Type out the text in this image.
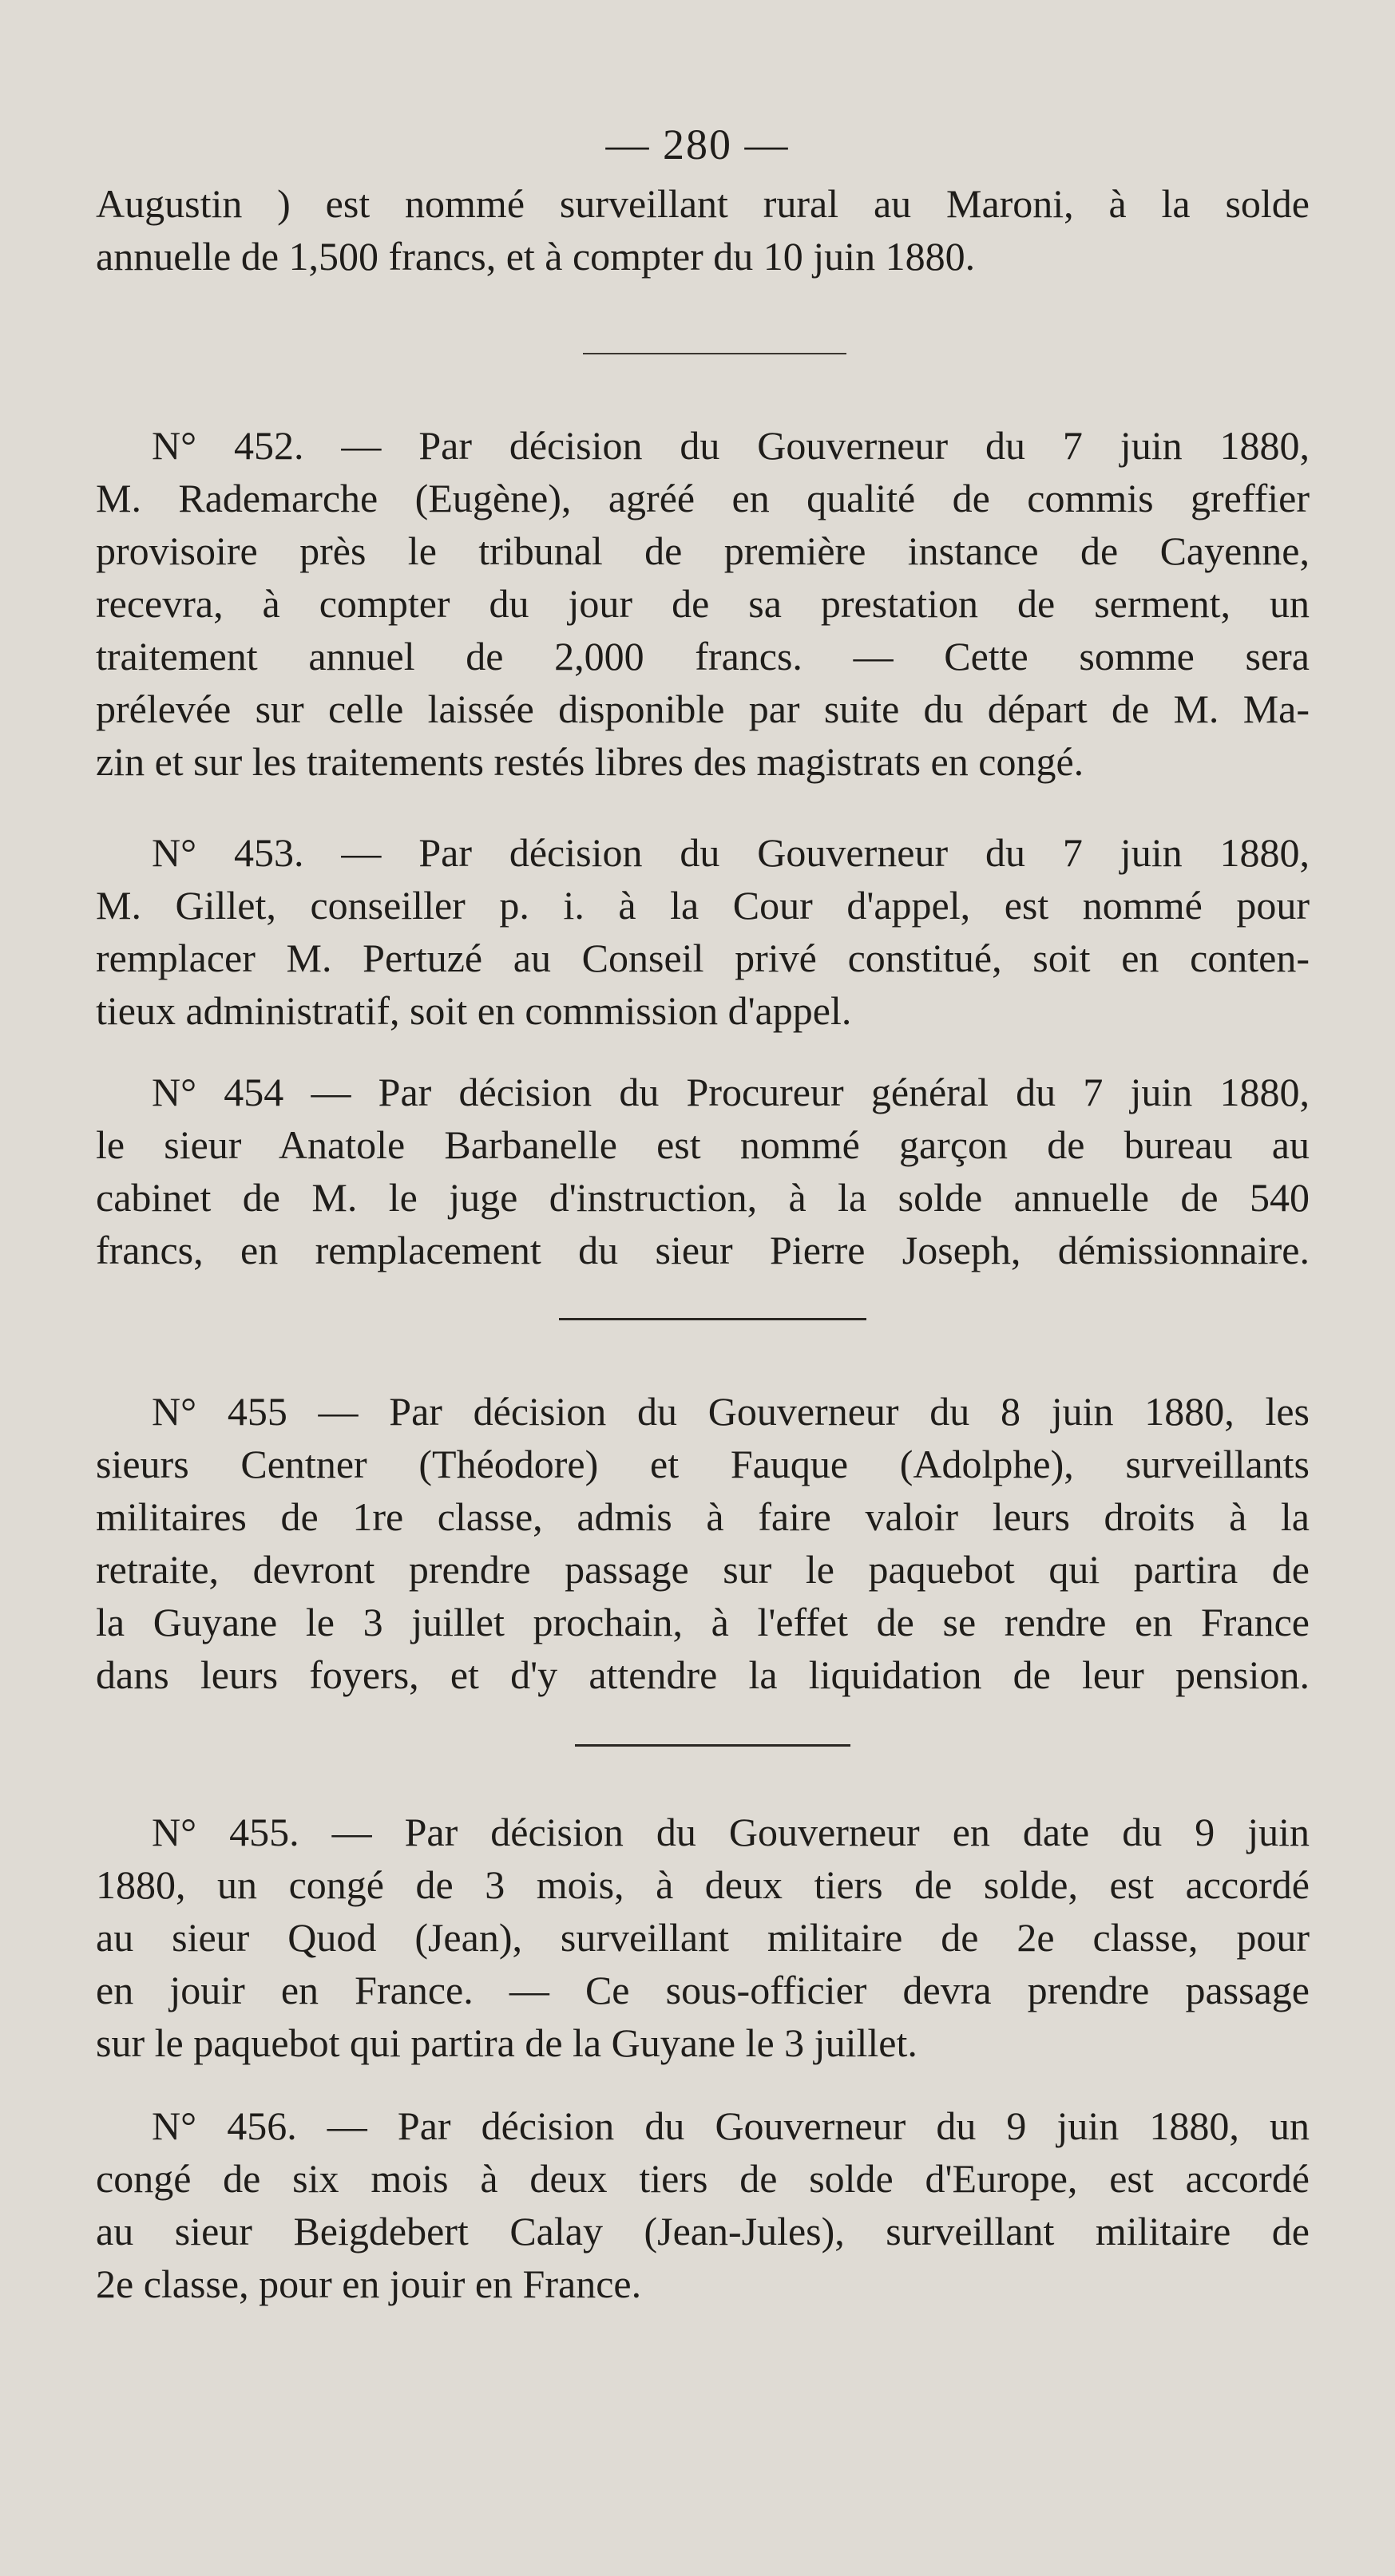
— 280 —
Augustin ) est nommé surveillant rural au Maroni, à la solde
annuelle de 1,500 francs, et à compter du 10 juin 1880.
N° 452. — Par décision du Gouverneur du 7 juin 1880,
M. Rademarche (Eugène), agréé en qualité de commis greffier
provisoire près le tribunal de première instance de Cayenne,
recevra, à compter du jour de sa prestation de serment, un
traitement annuel de 2,000 francs. — Cette somme sera
prélevée sur celle laissée disponible par suite du départ de M. Ma-
zin et sur les traitements restés libres des magistrats en congé.
N° 453. — Par décision du Gouverneur du 7 juin 1880,
M. Gillet, conseiller p. i. à la Cour d'appel, est nommé pour
remplacer M. Pertuzé au Conseil privé constitué, soit en conten-
tieux administratif, soit en commission d'appel.
N° 454 — Par décision du Procureur général du 7 juin 1880,
le sieur Anatole Barbanelle est nommé garçon de bureau au
cabinet de M. le juge d'instruction, à la solde annuelle de 540
francs, en remplacement du sieur Pierre Joseph, démissionnaire.
N° 455 — Par décision du Gouverneur du 8 juin 1880, les
sieurs Centner (Théodore) et Fauque (Adolphe), surveillants
militaires de 1re classe, admis à faire valoir leurs droits à la
retraite, devront prendre passage sur le paquebot qui partira de
la Guyane le 3 juillet prochain, à l'effet de se rendre en France
dans leurs foyers, et d'y attendre la liquidation de leur pension.
N° 455. — Par décision du Gouverneur en date du 9 juin
1880, un congé de 3 mois, à deux tiers de solde, est accordé
au sieur Quod (Jean), surveillant militaire de 2e classe, pour
en jouir en France. — Ce sous-officier devra prendre passage
sur le paquebot qui partira de la Guyane le 3 juillet.
N° 456. — Par décision du Gouverneur du 9 juin 1880, un
congé de six mois à deux tiers de solde d'Europe, est accordé
au sieur Beigdebert Calay (Jean-Jules), surveillant militaire de
2e classe, pour en jouir en France.
